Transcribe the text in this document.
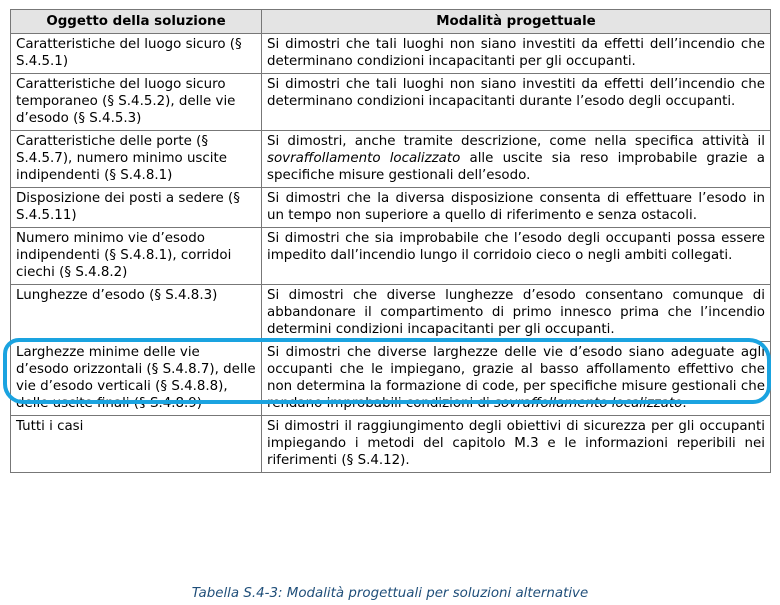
Oggetto della soluzione	Modalità progettuale
Caratteristiche del luogo sicuro (§ S.4.5.1)	Si dimostri che tali luoghi non siano investiti da effetti dell’incendio che determinano condizioni incapacitanti per gli occupanti.
Caratteristiche del luogo sicuro temporaneo (§ S.4.5.2), delle vie d’esodo (§ S.4.5.3)	Si dimostri che tali luoghi non siano investiti da effetti dell’incendio che determinano condizioni incapacitanti durante l’esodo degli occupanti.
Caratteristiche delle porte (§ S.4.5.7), numero minimo uscite indipendenti (§ S.4.8.1)	Si dimostri, anche tramite descrizione, come nella specifica attività il sovraffollamento localizzato alle uscite sia reso improbabile grazie a specifiche misure gestionali dell’esodo.
Disposizione dei posti a sedere (§ S.4.5.11)	Si dimostri che la diversa disposizione consenta di effettuare l’esodo in un tempo non superiore a quello di riferimento e senza ostacoli.
Numero minimo vie d’esodo indipendenti (§ S.4.8.1), corridoi ciechi (§ S.4.8.2)	Si dimostri che sia improbabile che l’esodo degli occupanti possa essere impedito dall’incendio lungo il corridoio cieco o negli ambiti collegati.
Lunghezze d’esodo (§ S.4.8.3)	Si dimostri che diverse lunghezze d’esodo consentano comunque di abbandonare il compartimento di primo innesco prima che l’incendio determini condizioni incapacitanti per gli occupanti.
Larghezze minime delle vie d’esodo orizzontali (§ S.4.8.7), delle vie d’esodo verticali (§ S.4.8.8), delle uscite finali (§ S.4.8.9)	Si dimostri che diverse larghezze delle vie d’esodo siano adeguate agli occupanti che le impiegano, grazie al basso affollamento effettivo che non determina la formazione di code, per specifiche misure gestionali che rendano improbabili condizioni di sovraffollamento localizzato.
Tutti i casi	Si dimostri il raggiungimento degli obiettivi di sicurezza per gli occupanti impiegando i metodi del capitolo M.3 e le informazioni reperibili nei riferimenti (§ S.4.12).
Tabella S.4-3: Modalità progettuali per soluzioni alternative
